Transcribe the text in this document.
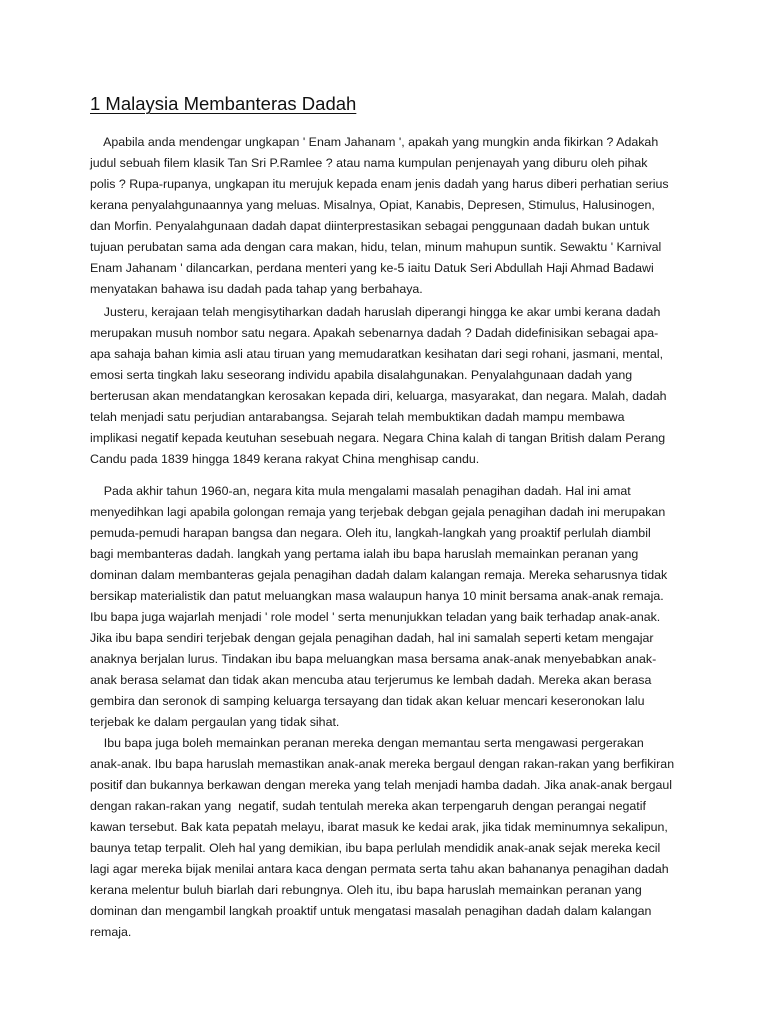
1 Malaysia Membanteras Dadah
Apabila anda mendengar ungkapan ' Enam Jahanam ', apakah yang mungkin anda fikirkan ? Adakah
judul sebuah filem klasik Tan Sri P.Ramlee ? atau nama kumpulan penjenayah yang diburu oleh pihak
polis ? Rupa-rupanya, ungkapan itu merujuk kepada enam jenis dadah yang harus diberi perhatian serius
kerana penyalahgunaannya yang meluas. Misalnya, Opiat, Kanabis, Depresen, Stimulus, Halusinogen,
dan Morfin. Penyalahgunaan dadah dapat diinterprestasikan sebagai penggunaan dadah bukan untuk
tujuan perubatan sama ada dengan cara makan, hidu, telan, minum mahupun suntik. Sewaktu ' Karnival
Enam Jahanam ' dilancarkan, perdana menteri yang ke-5 iaitu Datuk Seri Abdullah Haji Ahmad Badawi
menyatakan bahawa isu dadah pada tahap yang berbahaya.
Justeru, kerajaan telah mengisytiharkan dadah haruslah diperangi hingga ke akar umbi kerana dadah
merupakan musuh nombor satu negara. Apakah sebenarnya dadah ? Dadah didefinisikan sebagai apa-
apa sahaja bahan kimia asli atau tiruan yang memudaratkan kesihatan dari segi rohani, jasmani, mental,
emosi serta tingkah laku seseorang individu apabila disalahgunakan. Penyalahgunaan dadah yang
berterusan akan mendatangkan kerosakan kepada diri, keluarga, masyarakat, dan negara. Malah, dadah
telah menjadi satu perjudian antarabangsa. Sejarah telah membuktikan dadah mampu membawa
implikasi negatif kepada keutuhan sesebuah negara. Negara China kalah di tangan British dalam Perang
Candu pada 1839 hingga 1849 kerana rakyat China menghisap candu.
Pada akhir tahun 1960-an, negara kita mula mengalami masalah penagihan dadah. Hal ini amat
menyedihkan lagi apabila golongan remaja yang terjebak debgan gejala penagihan dadah ini merupakan
pemuda-pemudi harapan bangsa dan negara. Oleh itu, langkah-langkah yang proaktif perlulah diambil
bagi membanteras dadah. langkah yang pertama ialah ibu bapa haruslah memainkan peranan yang
dominan dalam membanteras gejala penagihan dadah dalam kalangan remaja. Mereka seharusnya tidak
bersikap materialistik dan patut meluangkan masa walaupun hanya 10 minit bersama anak-anak remaja.
Ibu bapa juga wajarlah menjadi ' role model ' serta menunjukkan teladan yang baik terhadap anak-anak.
Jika ibu bapa sendiri terjebak dengan gejala penagihan dadah, hal ini samalah seperti ketam mengajar
anaknya berjalan lurus. Tindakan ibu bapa meluangkan masa bersama anak-anak menyebabkan anak-
anak berasa selamat dan tidak akan mencuba atau terjerumus ke lembah dadah. Mereka akan berasa
gembira dan seronok di samping keluarga tersayang dan tidak akan keluar mencari keseronokan lalu
terjebak ke dalam pergaulan yang tidak sihat.
Ibu bapa juga boleh memainkan peranan mereka dengan memantau serta mengawasi pergerakan
anak-anak. Ibu bapa haruslah memastikan anak-anak mereka bergaul dengan rakan-rakan yang berfikiran
positif dan bukannya berkawan dengan mereka yang telah menjadi hamba dadah. Jika anak-anak bergaul
dengan rakan-rakan yang  negatif, sudah tentulah mereka akan terpengaruh dengan perangai negatif
kawan tersebut. Bak kata pepatah melayu, ibarat masuk ke kedai arak, jika tidak meminumnya sekalipun,
baunya tetap terpalit. Oleh hal yang demikian, ibu bapa perlulah mendidik anak-anak sejak mereka kecil
lagi agar mereka bijak menilai antara kaca dengan permata serta tahu akan bahananya penagihan dadah
kerana melentur buluh biarlah dari rebungnya. Oleh itu, ibu bapa haruslah memainkan peranan yang
dominan dan mengambil langkah proaktif untuk mengatasi masalah penagihan dadah dalam kalangan
remaja.
